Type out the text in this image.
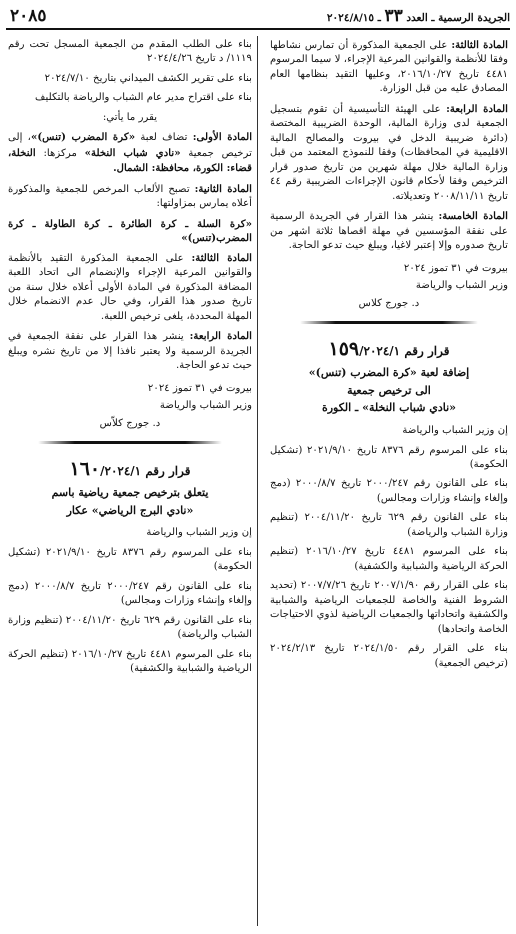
الجريدة الرسمية ـ العدد ٣٣ ـ ٢٠٢٤/٨/١٥
٢٠٨٥

المادة الثالثة: على الجمعية المذكورة أن تمارس نشاطها وفقا للأنظمة والقوانين المرعية الإجراء، لا سيما المرسوم ٤٤٨١ تاريخ ٢٠١٦/١٠/٢٧، وعليها التقيد بنظامها العام المصادق عليه من قبل الوزارة.

المادة الرابعة: على الهيئة التأسيسية أن تقوم بتسجيل الجمعية لدى وزارة المالية، الوحدة الضريبية المختصة (دائرة ضريبية الدخل في بيروت والمصالح المالية الاقليمية في المحافظات) وفقا للنموذج المعتمد من قبل وزارة المالية خلال مهلة شهرين من تاريخ صدور قرار الترخيص وفقا لأحكام قانون الإجراءات الضريبية رقم ٤٤ تاريخ ٢٠٠٨/١١/١١ وتعديلاته.

المادة الخامسة: ينشر هذا القرار في الجريدة الرسمية على نفقة المؤسسين في مهلة اقصاها ثلاثة اشهر من تاريخ صدوره وإلا إعتبر لاغيا، ويبلغ حيث تدعو الحاجة.

بيروت في ٣١ تموز ٢٠٢٤

وزير الشباب والرياضة

د. جورج كلاس

قرار رقم ١٥٩/٢٠٢٤/١

إضافة لعبة «كرة المضرب (تنس)»

الى ترخيص جمعية

«نادي شباب النخلة» ـ الكورة

إن وزير الشباب والرياضة

بناء على المرسوم رقم ٨٣٧٦ تاريخ ٢٠٢١/٩/١٠ (تشكيل الحكومة)

بناء على القانون رقم ٢٠٠٠/٢٤٧ تاريخ ٢٠٠٠/٨/٧ (دمج وإلغاء وإنشاء وزارات ومجالس)

بناء على القانون رقم ٦٢٩ تاريخ ٢٠٠٤/١١/٢٠ (تنظيم وزارة الشباب والرياضة)

بناء على المرسوم ٤٤٨١ تاريخ ٢٠١٦/١٠/٢٧ (تنظيم الحركة الرياضية والشبابية والكشفية)

بناء على القرار رقم ٢٠٠٧/١/٩٠ تاريخ ٢٠٠٧/٧/٢٦ (تحديد الشروط الفنية والخاصة للجمعيات الرياضية والشبابية والكشفية واتحاداتها والجمعيات الرياضية لذوي الاحتياجات الخاصة واتحادها)

بناء على القرار رقم ٢٠٢٤/١/٥٠ تاريخ ٢٠٢٤/٢/١٣ (ترخيص الجمعية)

بناء على الطلب المقدم من الجمعية المسجل تحت رقم ١١١٩/ د تاريخ ٢٠٢٤/٤/٢٦

بناء على تقرير الكشف الميداني بتاريخ ٢٠٢٤/٧/١٠

بناء على اقتراح مدير عام الشباب والرياضة بالتكليف

يقرر ما يأتي:

المادة الأولى: تضاف لعبة «كرة المضرب (تنس)»، إلى ترخيص جمعية «نادي شباب النخلة» مركزها: النخلة، قضاء: الكورة، محافظة: الشمال.

المادة الثانية: تصبح الألعاب المرخص للجمعية والمذكورة أعلاه يمارس بمزاولتها:

«كرة السلة ـ كرة الطائرة ـ كرة الطاولة ـ كرة المضرب(تنس)»

المادة الثالثة: على الجمعية المذكورة التقيد بالأنظمة والقوانين المرعية الإجراء والإنضمام الى اتحاد اللعبة المضافة المذكورة في المادة الأولى أعلاه خلال سنة من تاريخ صدور هذا القرار، وفي حال عدم الانضمام خلال المهلة المحددة، يلغى ترخيص اللعبة.

المادة الرابعة: ينشر هذا القرار على نفقة الجمعية في الجريدة الرسمية ولا يعتبر نافذا إلا من تاريخ نشره ويبلغ حيث تدعو الحاجة.

بيروت في ٣١ تموز ٢٠٢٤

وزير الشباب والرياضة

د. جورج كلاّس

قرار رقم ١٦٠/٢٠٢٤/١

يتعلق بترخيص جمعية رياضية باسم

«نادي البرج الرياضي» عكار

إن وزير الشباب والرياضة

بناء على المرسوم رقم ٨٣٧٦ تاريخ ٢٠٢١/٩/١٠ (تشكيل الحكومة)

بناء على القانون رقم ٢٠٠٠/٢٤٧ تاريخ ٢٠٠٠/٨/٧ (دمج وإلغاء وإنشاء وزارات ومجالس)

بناء على القانون رقم ٦٢٩ تاريخ ٢٠٠٤/١١/٢٠ (تنظيم وزارة الشباب والرياضة)

بناء على المرسوم ٤٤٨١ تاريخ ٢٠١٦/١٠/٢٧ (تنظيم الحركة الرياضية والشبابية والكشفية)
